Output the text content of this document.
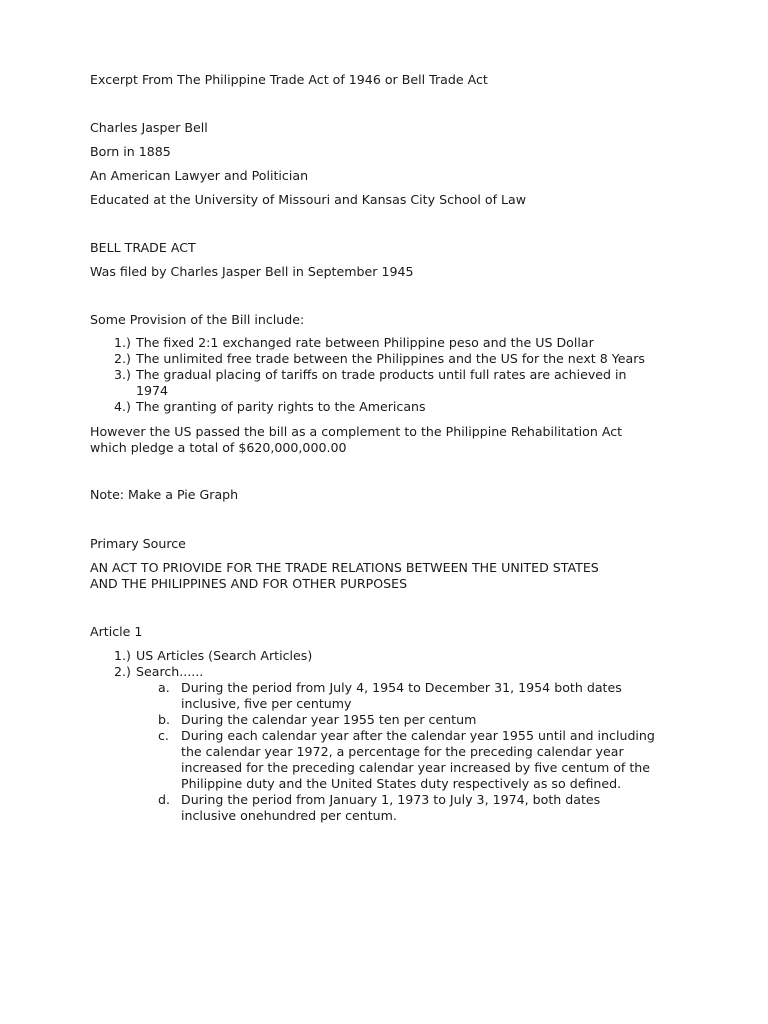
Excerpt From The Philippine Trade Act of 1946 or Bell Trade Act
Charles Jasper Bell
Born in 1885
An American Lawyer and Politician
Educated at the University of Missouri and Kansas City School of Law
BELL TRADE ACT
Was filed by Charles Jasper Bell in September 1945
Some Provision of the Bill include:
1.) The fixed 2:1 exchanged rate between Philippine peso and the US Dollar
2.) The unlimited free trade between the Philippines and the US for the next 8 Years
3.) The gradual placing of tariffs on trade products until full rates are achieved in
1974
4.) The granting of parity rights to the Americans
However the US passed the bill as a complement to the Philippine Rehabilitation Act
which pledge a total of $620,000,000.00
Note: Make a Pie Graph
Primary Source
AN ACT TO PRIOVIDE FOR THE TRADE RELATIONS BETWEEN THE UNITED STATES
AND THE PHILIPPINES AND FOR OTHER PURPOSES
Article 1
1.) US Articles (Search Articles)
2.) Search......
a. During the period from July 4, 1954 to December 31, 1954 both dates
inclusive, five per centumy
b. During the calendar year 1955 ten per centum
c. During each calendar year after the calendar year 1955 until and including
the calendar year 1972, a percentage for the preceding calendar year
increased for the preceding calendar year increased by five centum of the
Philippine duty and the United States duty respectively as so defined.
d. During the period from January 1, 1973 to July 3, 1974, both dates
inclusive onehundred per centum.
